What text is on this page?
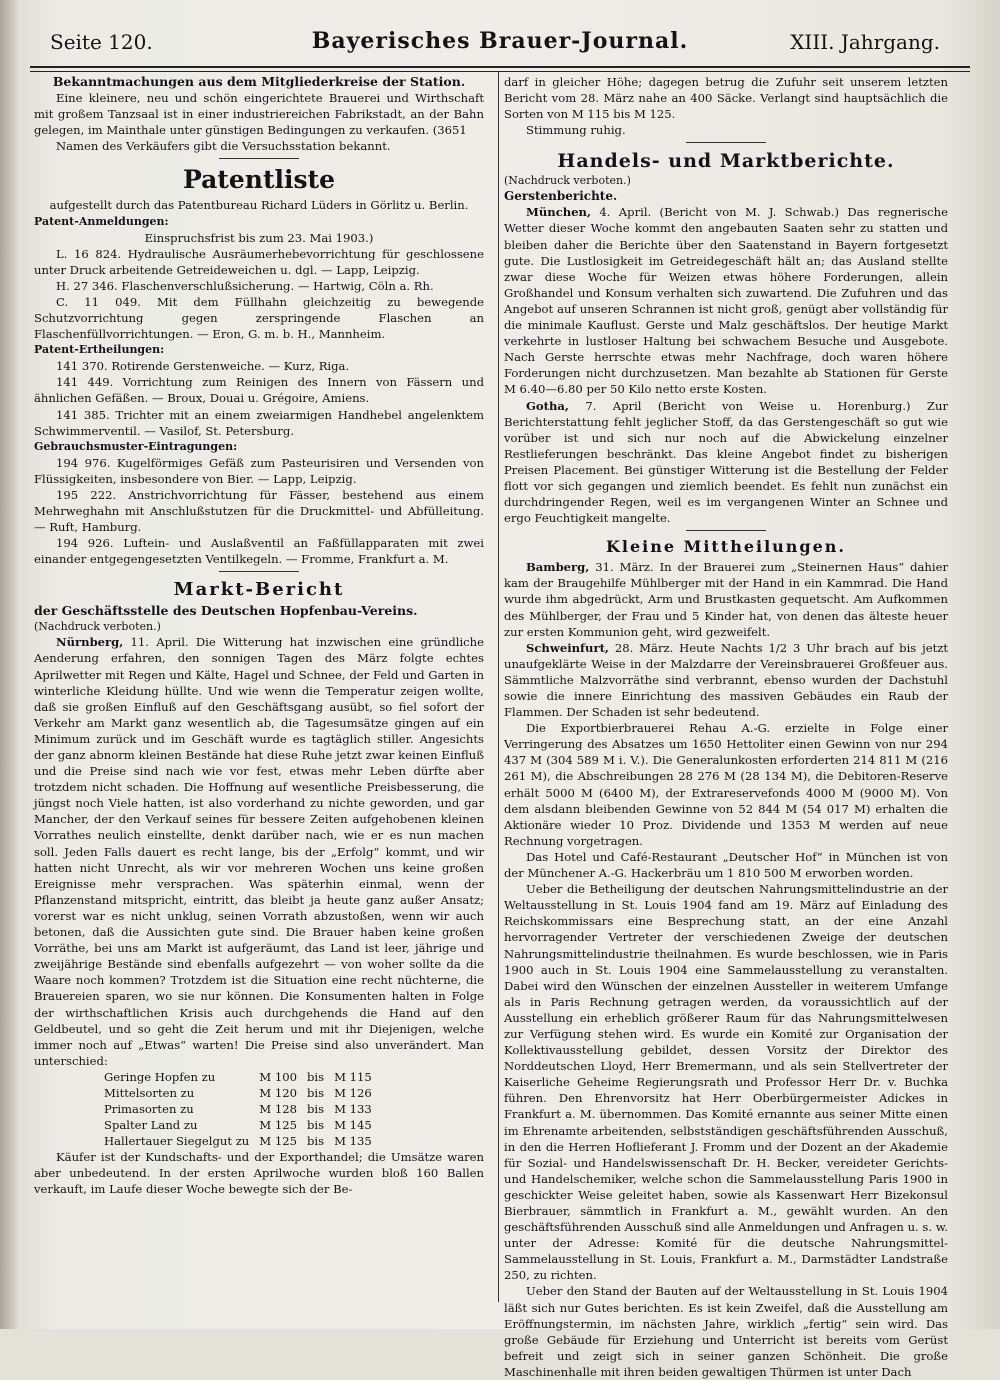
Seite 120.	Bayerisches Brauer-Journal.	XIII. Jahrgang.

Bekanntmachungen aus dem Mitgliederkreise der Station.

Eine kleinere, neu und schön eingerichtete Brauerei und Wirthschaft mit großem Tanzsaal ist in einer industriereichen Fabrikstadt, an der Bahn gelegen, im Mainthale unter günstigen Bedingungen zu verkaufen. (3651

Namen des Verkäufers gibt die Versuchsstation bekannt.

Patentliste

aufgestellt durch das Patentbureau Richard Lüders in Görlitz u. Berlin.

Patent-Anmeldungen:

Einspruchsfrist bis zum 23. Mai 1903.)

L. 16 824. Hydraulische Ausräumerhebevorrichtung für geschlossene unter Druck arbeitende Getreideweichen u. dgl. — Lapp, Leipzig.

H. 27 346. Flaschenverschlußsicherung. — Hartwig, Cöln a. Rh.

C. 11 049. Mit dem Füllhahn gleichzeitig zu bewegende Schutzvorrichtung gegen zerspringende Flaschen an Flaschenfüllvorrichtungen. — Eron, G. m. b. H., Mannheim.

Patent-Ertheilungen:

141 370. Rotirende Gerstenweiche. — Kurz, Riga.

141 449. Vorrichtung zum Reinigen des Innern von Fässern und ähnlichen Gefäßen. — Broux, Douai u. Grégoire, Amiens.

141 385. Trichter mit an einem zweiarmigen Handhebel angelenktem Schwimmerventil. — Vasilof, St. Petersburg.

Gebrauchsmuster-Eintragungen:

194 976. Kugelförmiges Gefäß zum Pasteurisiren und Versenden von Flüssigkeiten, insbesondere von Bier. — Lapp, Leipzig.

195 222. Anstrichvorrichtung für Fässer, bestehend aus einem Mehrweghahn mit Anschlußstutzen für die Druckmittel- und Abfülleitung. — Ruft, Hamburg.

194 926. Luftein- und Auslaßventil an Faßfüllapparaten mit zwei einander entgegengesetzten Ventilkegeln. — Fromme, Frankfurt a. M.

Markt-Bericht

der Geschäftsstelle des Deutschen Hopfenbau-Vereins.

(Nachdruck verboten.)

Nürnberg, 11. April. Die Witterung hat inzwischen eine gründliche Aenderung erfahren, den sonnigen Tagen des März folgte echtes Aprilwetter mit Regen und Kälte, Hagel und Schnee, der Feld und Garten in winterliche Kleidung hüllte. Und wie wenn die Temperatur zeigen wollte, daß sie großen Einfluß auf den Geschäftsgang ausübt, so fiel sofort der Verkehr am Markt ganz wesentlich ab, die Tagesumsätze gingen auf ein Minimum zurück und im Geschäft wurde es tagtäglich stiller. Angesichts der ganz abnorm kleinen Bestände hat diese Ruhe jetzt zwar keinen Einfluß und die Preise sind nach wie vor fest, etwas mehr Leben dürfte aber trotzdem nicht schaden. Die Hoffnung auf wesentliche Preisbesserung, die jüngst noch Viele hatten, ist also vorderhand zu nichte geworden, und gar Mancher, der den Verkauf seines für bessere Zeiten aufgehobenen kleinen Vorrathes neulich einstellte, denkt darüber nach, wie er es nun machen soll. Jeden Falls dauert es recht lange, bis der „Erfolg“ kommt, und wir hatten nicht Unrecht, als wir vor mehreren Wochen uns keine großen Ereignisse mehr versprachen. Was späterhin einmal, wenn der Pflanzenstand mitspricht, eintritt, das bleibt ja heute ganz außer Ansatz; vorerst war es nicht unklug, seinen Vorrath abzustoßen, wenn wir auch betonen, daß die Aussichten gute sind. Die Brauer haben keine großen Vorräthe, bei uns am Markt ist aufgeräumt, das Land ist leer, jährige und zweijährige Bestände sind ebenfalls aufgezehrt — von woher sollte da die Waare noch kommen? Trotzdem ist die Situation eine recht nüchterne, die Brauereien sparen, wo sie nur können. Die Konsumenten halten in Folge der wirthschaftlichen Krisis auch durchgehends die Hand auf den Geldbeutel, und so geht die Zeit herum und mit ihr Diejenigen, welche immer noch auf „Etwas“ warten! Die Preise sind also unverändert. Man unterschied:

Geringe Hopfen zu	M 100	bis	M 115
Mittelsorten zu	M 120	bis	M 126
Primasorten zu	M 128	bis	M 133
Spalter Land zu	M 125	bis	M 145
Hallertauer Siegelgut zu	M 125	bis	M 135

Käufer ist der Kundschafts- und der Exporthandel; die Umsätze waren aber unbedeutend. In der ersten Aprilwoche wurden bloß 160 Ballen verkauft, im Laufe dieser Woche bewegte sich der Be-

darf in gleicher Höhe; dagegen betrug die Zufuhr seit unserem letzten Bericht vom 28. März nahe an 400 Säcke. Verlangt sind hauptsächlich die Sorten von M 115 bis M 125.

Stimmung ruhig.

Handels- und Marktberichte.

(Nachdruck verboten.)

Gerstenberichte.

München, 4. April. (Bericht von M. J. Schwab.) Das regnerische Wetter dieser Woche kommt den angebauten Saaten sehr zu statten und bleiben daher die Berichte über den Saatenstand in Bayern fortgesetzt gute. Die Lustlosigkeit im Getreidegeschäft hält an; das Ausland stellte zwar diese Woche für Weizen etwas höhere Forderungen, allein Großhandel und Konsum verhalten sich zuwartend. Die Zufuhren und das Angebot auf unseren Schrannen ist nicht groß, genügt aber vollständig für die minimale Kauflust. Gerste und Malz geschäftslos. Der heutige Markt verkehrte in lustloser Haltung bei schwachem Besuche und Ausgebote. Nach Gerste herrschte etwas mehr Nachfrage, doch waren höhere Forderungen nicht durchzusetzen. Man bezahlte ab Stationen für Gerste M 6.40—6.80 per 50 Kilo netto erste Kosten.

Gotha, 7. April (Bericht von Weise u. Horenburg.) Zur Berichterstattung fehlt jeglicher Stoff, da das Gerstengeschäft so gut wie vorüber ist und sich nur noch auf die Abwickelung einzelner Restlieferungen beschränkt. Das kleine Angebot findet zu bisherigen Preisen Placement. Bei günstiger Witterung ist die Bestellung der Felder flott vor sich gegangen und ziemlich beendet. Es fehlt nun zunächst ein durchdringender Regen, weil es im vergangenen Winter an Schnee und ergo Feuchtigkeit mangelte.

Kleine Mittheilungen.

Bamberg, 31. März. In der Brauerei zum „Steinernen Haus“ dahier kam der Braugehilfe Mühlberger mit der Hand in ein Kammrad. Die Hand wurde ihm abgedrückt, Arm und Brustkasten gequetscht. Am Aufkommen des Mühlberger, der Frau und 5 Kinder hat, von denen das älteste heuer zur ersten Kommunion geht, wird gezweifelt.

Schweinfurt, 28. März. Heute Nachts 1/2 3 Uhr brach auf bis jetzt unaufgeklärte Weise in der Malzdarre der Vereinsbrauerei Großfeuer aus. Sämmtliche Malzvorräthe sind verbrannt, ebenso wurden der Dachstuhl sowie die innere Einrichtung des massiven Gebäudes ein Raub der Flammen. Der Schaden ist sehr bedeutend.

Die Exportbierbrauerei Rehau A.-G. erzielte in Folge einer Verringerung des Absatzes um 1650 Hettoliter einen Gewinn von nur 294 437 M (304 589 M i. V.). Die Generalunkosten erforderten 214 811 M (216 261 M), die Abschreibungen 28 276 M (28 134 M), die Debitoren-Reserve erhält 5000 M (6400 M), der Extrareservefonds 4000 M (9000 M). Von dem alsdann bleibenden Gewinne von 52 844 M (54 017 M) erhalten die Aktionäre wieder 10 Proz. Dividende und 1353 M werden auf neue Rechnung vorgetragen.

Das Hotel und Café-Restaurant „Deutscher Hof“ in München ist von der Münchener A.-G. Hackerbräu um 1 810 500 M erworben worden.

Ueber die Betheiligung der deutschen Nahrungsmittelindustrie an der Weltausstellung in St. Louis 1904 fand am 19. März auf Einladung des Reichskommissars eine Besprechung statt, an der eine Anzahl hervorragender Vertreter der verschiedenen Zweige der deutschen Nahrungsmittelindustrie theilnahmen. Es wurde beschlossen, wie in Paris 1900 auch in St. Louis 1904 eine Sammelausstellung zu veranstalten. Dabei wird den Wünschen der einzelnen Aussteller in weiterem Umfange als in Paris Rechnung getragen werden, da voraussichtlich auf der Ausstellung ein erheblich größerer Raum für das Nahrungsmittelwesen zur Verfügung stehen wird. Es wurde ein Komité zur Organisation der Kollektivausstellung gebildet, dessen Vorsitz der Direktor des Norddeutschen Lloyd, Herr Bremermann, und als sein Stellvertreter der Kaiserliche Geheime Regierungsrath und Professor Herr Dr. v. Buchka führen. Den Ehrenvorsitz hat Herr Oberbürgermeister Adickes in Frankfurt a. M. übernommen. Das Komité ernannte aus seiner Mitte einen im Ehrenamte arbeitenden, selbstständigen geschäftsführenden Ausschuß, in den die Herren Hoflieferant J. Fromm und der Dozent an der Akademie für Sozial- und Handelswissenschaft Dr. H. Becker, vereideter Gerichts- und Handelschemiker, welche schon die Sammelausstellung Paris 1900 in geschickter Weise geleitet haben, sowie als Kassenwart Herr Bizekonsul Bierbrauer, sämmtlich in Frankfurt a. M., gewählt wurden. An den geschäftsführenden Ausschuß sind alle Anmeldungen und Anfragen u. s. w. unter der Adresse: Komité für die deutsche Nahrungsmittel-Sammelausstellung in St. Louis, Frankfurt a. M., Darmstädter Landstraße 250, zu richten.

Ueber den Stand der Bauten auf der Weltausstellung in St. Louis 1904 läßt sich nur Gutes berichten. Es ist kein Zweifel, daß die Ausstellung am Eröffnungstermin, im nächsten Jahre, wirklich „fertig“ sein wird. Das große Gebäude für Erziehung und Unterricht ist bereits vom Gerüst befreit und zeigt sich in seiner ganzen Schönheit. Die große Maschinenhalle mit ihren beiden gewaltigen Thürmen ist unter Dach
